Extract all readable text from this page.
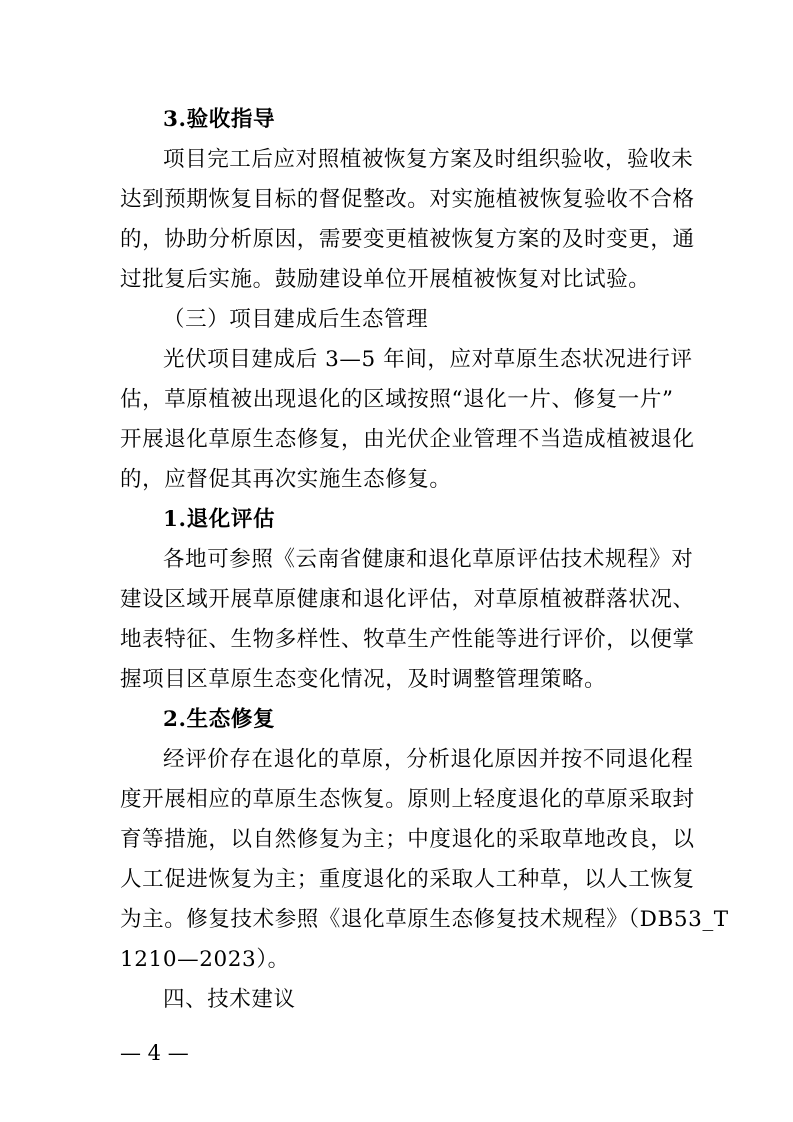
3.验收指导
项目完工后应对照植被恢复方案及时组织验收，验收未
达到预期恢复目标的督促整改。对实施植被恢复验收不合格
的，协助分析原因，需要变更植被恢复方案的及时变更，通
过批复后实施。鼓励建设单位开展植被恢复对比试验。
（三）项目建成后生态管理
光伏项目建成后 3—5 年间，应对草原生态状况进行评
估，草原植被出现退化的区域按照“退化一片、修复一片”
开展退化草原生态修复，由光伏企业管理不当造成植被退化
的，应督促其再次实施生态修复。
1.退化评估
各地可参照《云南省健康和退化草原评估技术规程》对
建设区域开展草原健康和退化评估，对草原植被群落状况、
地表特征、生物多样性、牧草生产性能等进行评价，以便掌
握项目区草原生态变化情况，及时调整管理策略。
2.生态修复
经评价存在退化的草原，分析退化原因并按不同退化程
度开展相应的草原生态恢复。原则上轻度退化的草原采取封
育等措施，以自然修复为主；中度退化的采取草地改良，以
人工促进恢复为主；重度退化的采取人工种草，以人工恢复
为主。修复技术参照《退化草原生态修复技术规程》（DB53_T
1210—2023）。
四、技术建议
— 4 —
